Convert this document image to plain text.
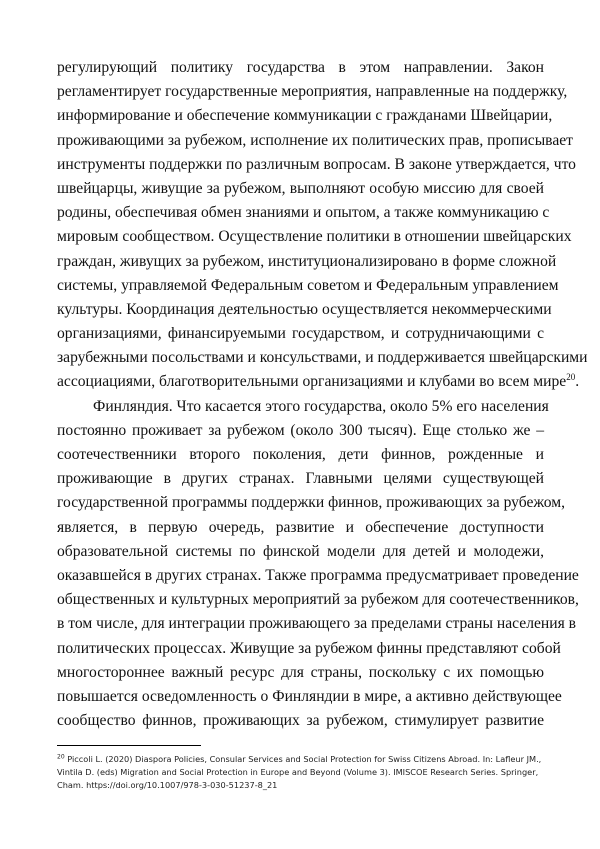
регулирующий политику государства в этом направлении. Закон
регламентирует государственные мероприятия, направленные на поддержку,
информирование и обеспечение коммуникации с гражданами Швейцарии,
проживающими за рубежом, исполнение их политических прав, прописывает
инструменты поддержки по различным вопросам. В законе утверждается, что
швейцарцы, живущие за рубежом, выполняют особую миссию для своей
родины, обеспечивая обмен знаниями и опытом, а также коммуникацию с
мировым сообществом. Осуществление политики в отношении швейцарских
граждан, живущих за рубежом, институционализировано в форме сложной
системы, управляемой Федеральным советом и Федеральным управлением
культуры. Координация деятельностью осуществляется некоммерческими
организациями, финансируемыми государством, и сотрудничающими с
зарубежными посольствами и консульствами, и поддерживается швейцарскими
ассоциациями, благотворительными организациями и клубами во всем мире$^{20}$.
Финляндия. Что касается этого государства, около 5% его населения
постоянно проживает за рубежом (около 300 тысяч). Еще столько же –
соотечественники второго поколения, дети финнов, рожденные и
проживающие в других странах. Главными целями существующей
государственной программы поддержки финнов, проживающих за рубежом,
является, в первую очередь, развитие и обеспечение доступности
образовательной системы по финской модели для детей и молодежи,
оказавшейся в других странах. Также программа предусматривает проведение
общественных и культурных мероприятий за рубежом для соотечественников,
в том числе, для интеграции проживающего за пределами страны населения в
политических процессах. Живущие за рубежом финны представляют собой
многостороннее важный ресурс для страны, поскольку с их помощью
повышается осведомленность о Финляндии в мире, а активно действующее
сообщество финнов, проживающих за рубежом, стимулирует развитие
$^{20}$ Piccoli L. (2020) Diaspora Policies, Consular Services and Social Protection for Swiss Citizens Abroad. In: Lafleur JM.,
Vintila D. (eds) Migration and Social Protection in Europe and Beyond (Volume 3). IMISCOE Research Series. Springer,
Cham. https://doi.org/10.1007/978-3-030-51237-8_21
